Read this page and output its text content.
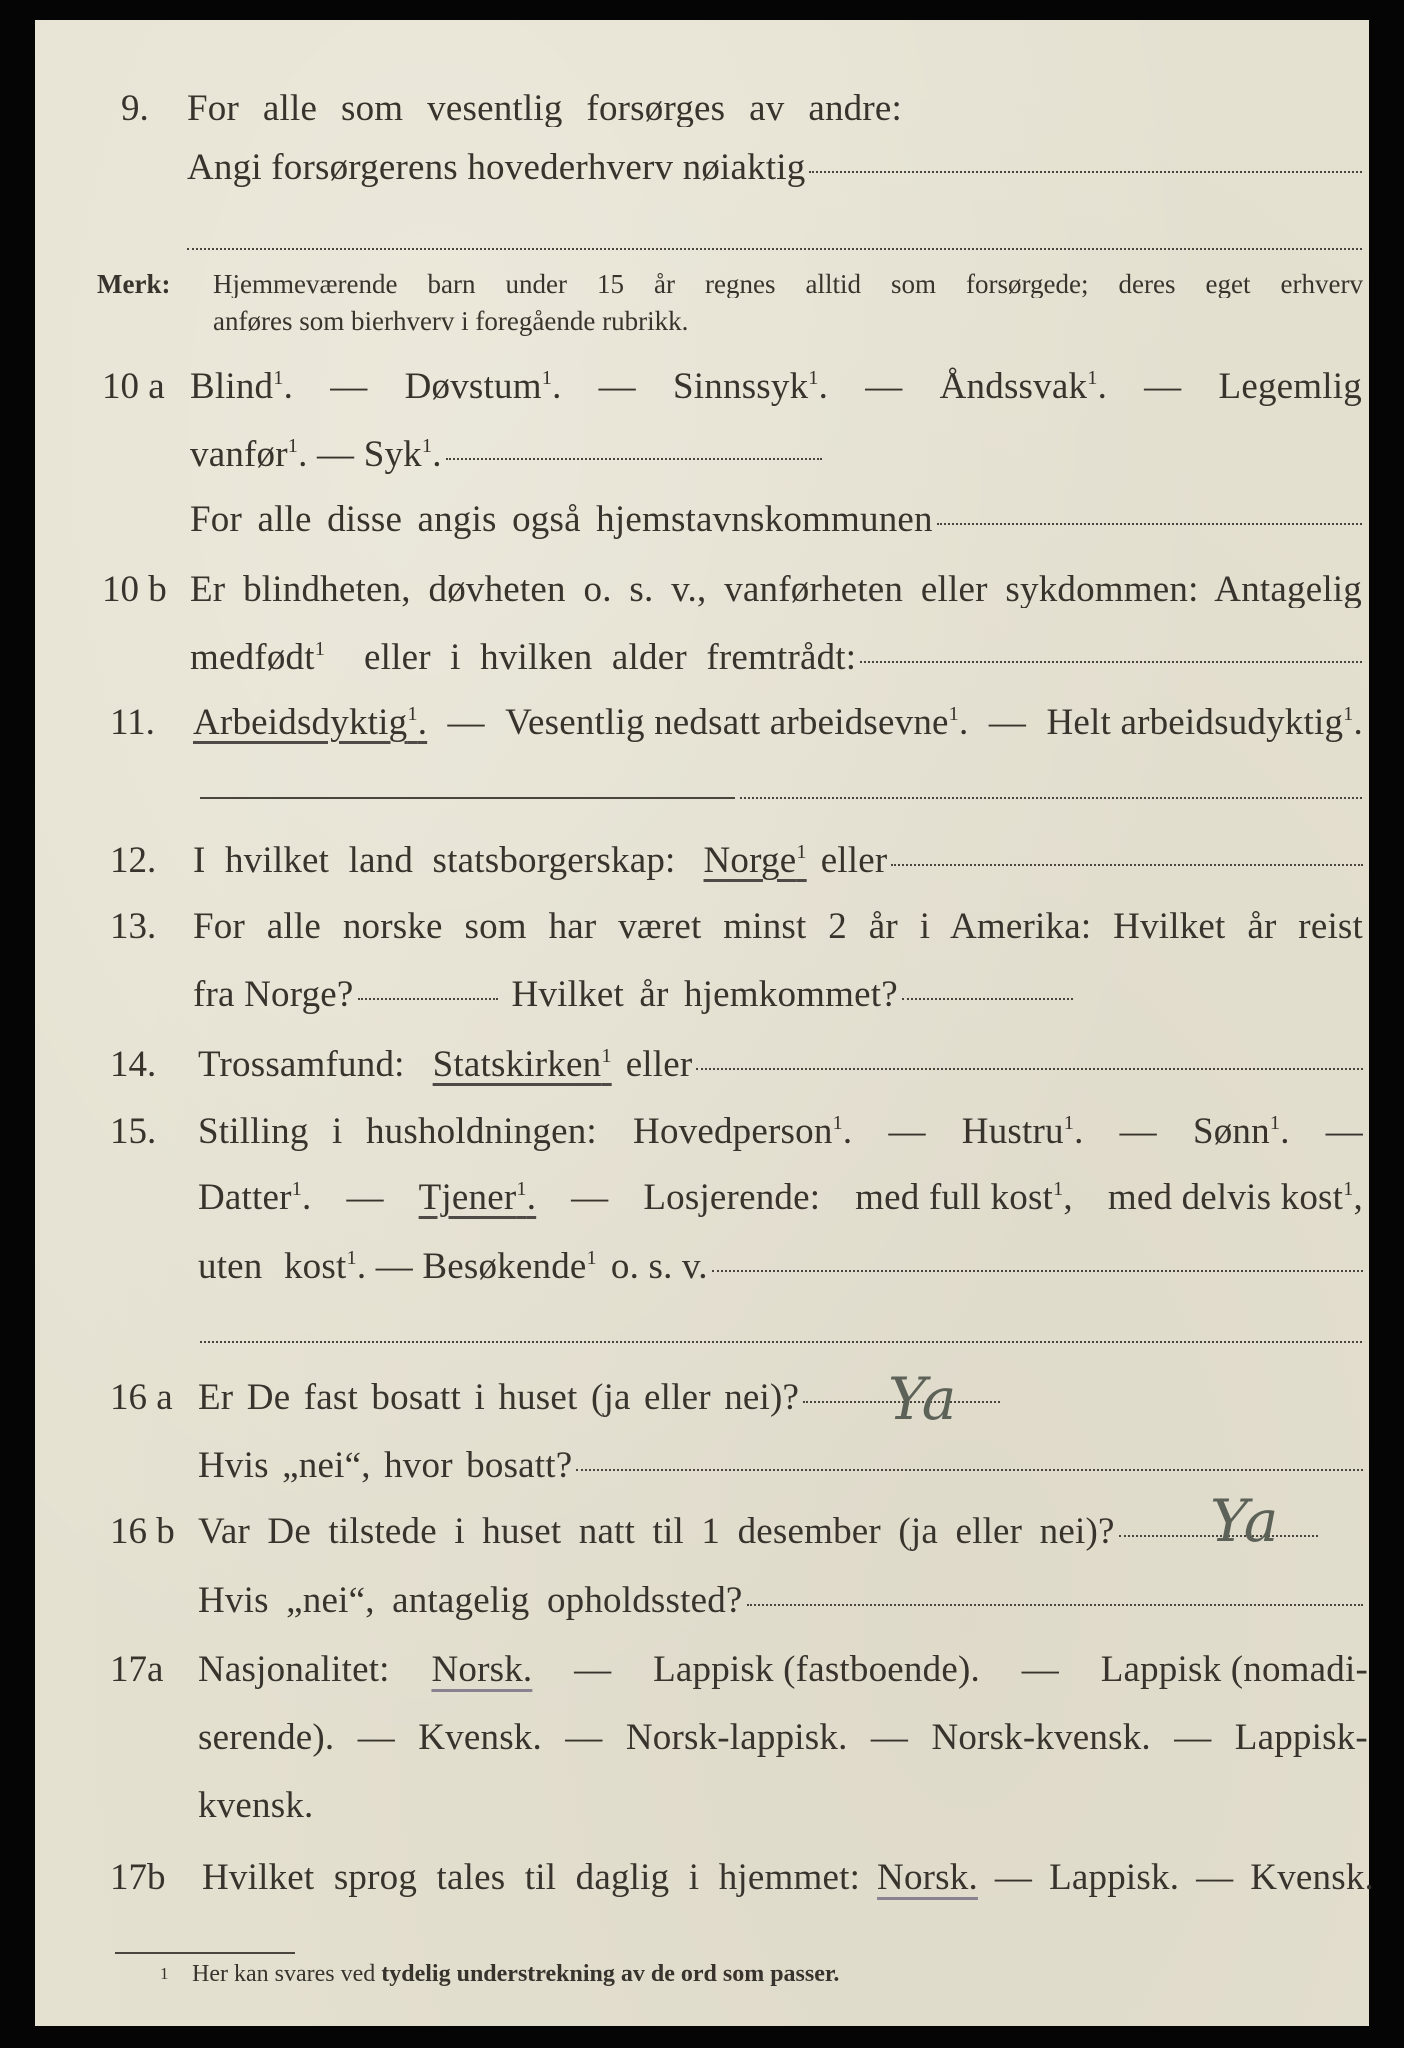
9. For alle som vesentlig forsørges av andre:
Angi forsørgerens hovederhverv nøiaktig
Merk: Hjemmeværende barn under 15 år regnes alltid som forsørgede; deres eget erhverv
anføres som bierhverv i foregående rubrikk.
10 a Blind$^1$. — Døvstum$^1$. — Sinnssyk$^1$. — Åndssvak$^1$. — Legemlig
vanfør$^1$.
—
Syk$^1$.
For alle disse angis også hjemstavnskommunen
10 b Er blindheten, døvheten o. s. v., vanførheten eller sykdommen: Antagelig
medfødt$^1$	eller i hvilken alder fremtrådt:
11. Arbeidsdyktig$^1$. — Vesentlig nedsatt arbeidsevne$^1$. — Helt arbeidsudyktig$^1$.
12. I hvilket land statsborgerskap: Norge$^1$ eller
13. For alle norske som har været minst 2 år i Amerika: Hvilket år reist
fra Norge?	Hvilket år hjemkommet?
14. Trossamfund: Statskirken$^1$ eller
15. Stilling i husholdningen: Hovedperson$^1$. — Hustru$^1$. — Sønn$^1$. —
Datter$^1$. — Tjener$^1$. — Losjerende: med full kost$^1$, med delvis kost$^1$,
uten kost$^1$. — Besøkende$^1$ o. s. v.
16 a Er De fast bosatt i huset (ja eller nei)? Ya
Hvis „nei“, hvor bosatt?
16 b Var De tilstede i huset natt til 1 desember (ja eller nei)? Ya
Hvis „nei“, antagelig opholdssted?
17a Nasjonalitet: Norsk. — Lappisk (fastboende). — Lappisk (nomadi-
serende). — Kvensk. — Norsk-lappisk. — Norsk-kvensk. — Lappisk-
kvensk.
17b Hvilket sprog tales til daglig i hjemmet: Norsk. — Lappisk. — Kvensk.
1 Her kan svares ved tydelig understrekning av de ord som passer.
